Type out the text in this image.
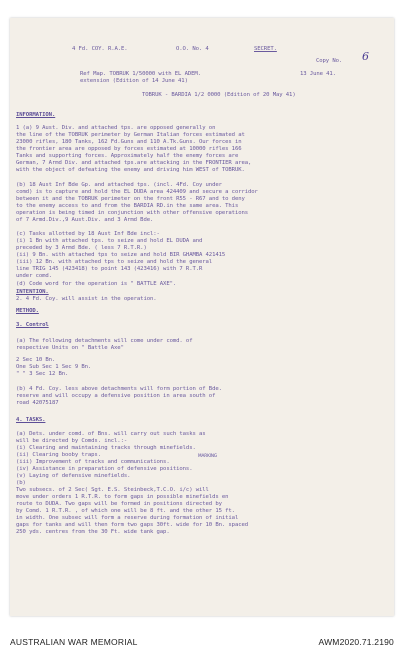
4 Fd. COY. R.A.E.	O.O. No. 4	SECRET.
Copy No. 6
Ref Map. TOBRUK 1/50000 with EL ADEM.	13 June 41.
extension (Edition of 14 June 41)
TOBRUK - BARDIA 1/2 0000 (Edition of 20 May 41)
INFORMATION.
1 (a) 9 Aust. Div. and attached tps. are opposed generally on
the line of the TOBRUK perimeter by German Italian forces estimated at
23000 rifles, 180 Tanks, 162 Fd.Guns and 110 A.Tk.Guns. Our forces in
the frontier area are opposed by forces estimated at 10000 rifles 166
Tanks and supporting forces. Approximately half the enemy forces are
German, 7 Armd Div. and attached tps.are attacking in the FRONTIER area,
with the object of defeating the enemy and driving him WEST of TOBRUK.
(b) 18 Aust Inf Bde Gp. and attached tps. (incl. 4Fd. Coy under
comd) is to capture and hold the EL DUDA area 424409 and secure a corridor
between it and the TOBRUK perimeter on the front R55 - R67 and to deny
to the enemy access to and from the BARDIA RD.in the same area. This
operation is being timed in conjunction with other offensive operations
of 7 Armd.Div.,9 Aust.Div. and 3 Armd Bde.
(c) Tasks allotted by 18 Aust Inf Bde incl:-
(i) 1 Bn with attached tps. to seize and hold EL DUDA and
preceded by 3 Armd Bde. ( less 7 R.T.R.)
(ii) 9 Bn. with attached tps to seize and hold BIR GHAMBA 421415
(iii) 12 Bn. with attached tps to seize and hold the general
line TRIG 145 (423418) to point 143 (423416) with 7 R.T.R
under comd.
(d) Code word for the operation is " BATTLE AXE".
INTENTION.
2. 4 Fd. Coy. will assist in the operation.
METHOD.
3. Control
(a) The following detachments will come under comd. of
respective Units on " Battle Axe"
2 Sec 10 Bn.
One Sub Sec 1 Sec 9 Bn.
" " 3 Sec 12 Bn.
(b) 4 Fd. Coy. less above detachments will form portion of Bde.
reserve and will occupy a defensive position in area south of
road 42075187
4. TASKS.
(a) Dets. under comd. of Bns. will carry out such tasks as
will be directed by Comds. incl.:-
(i) Clearing and maintaining tracks through minefields.
(ii) Clearing booby traps.
(iii) Improvement of tracks and communications.
(iv) Assistance in preparation of defensive positions.
(v) Laying of defensive minefields.
(b)
Two subsecs. of 2 Sec( Sgt. E.S. Steinbeck,T.C.O. i/c) will
move under orders 1 R.T.R. to form gaps in possible minefields en
route to DUDA. Two gaps will be formed in positions directed by
by Comd. 1 R.T.R. , of which one will be 8 ft. and the other 15 ft.
in width. One subsec will form a reserve during formation of initial
gaps for tanks and will then form two gaps 30ft. wide for 10 Bn. spaced
250 yds. centres from the 30 Ft. wide tank gap.
MARKING
AUSTRALIAN WAR MEMORIAL	AWM2020.71.2190
